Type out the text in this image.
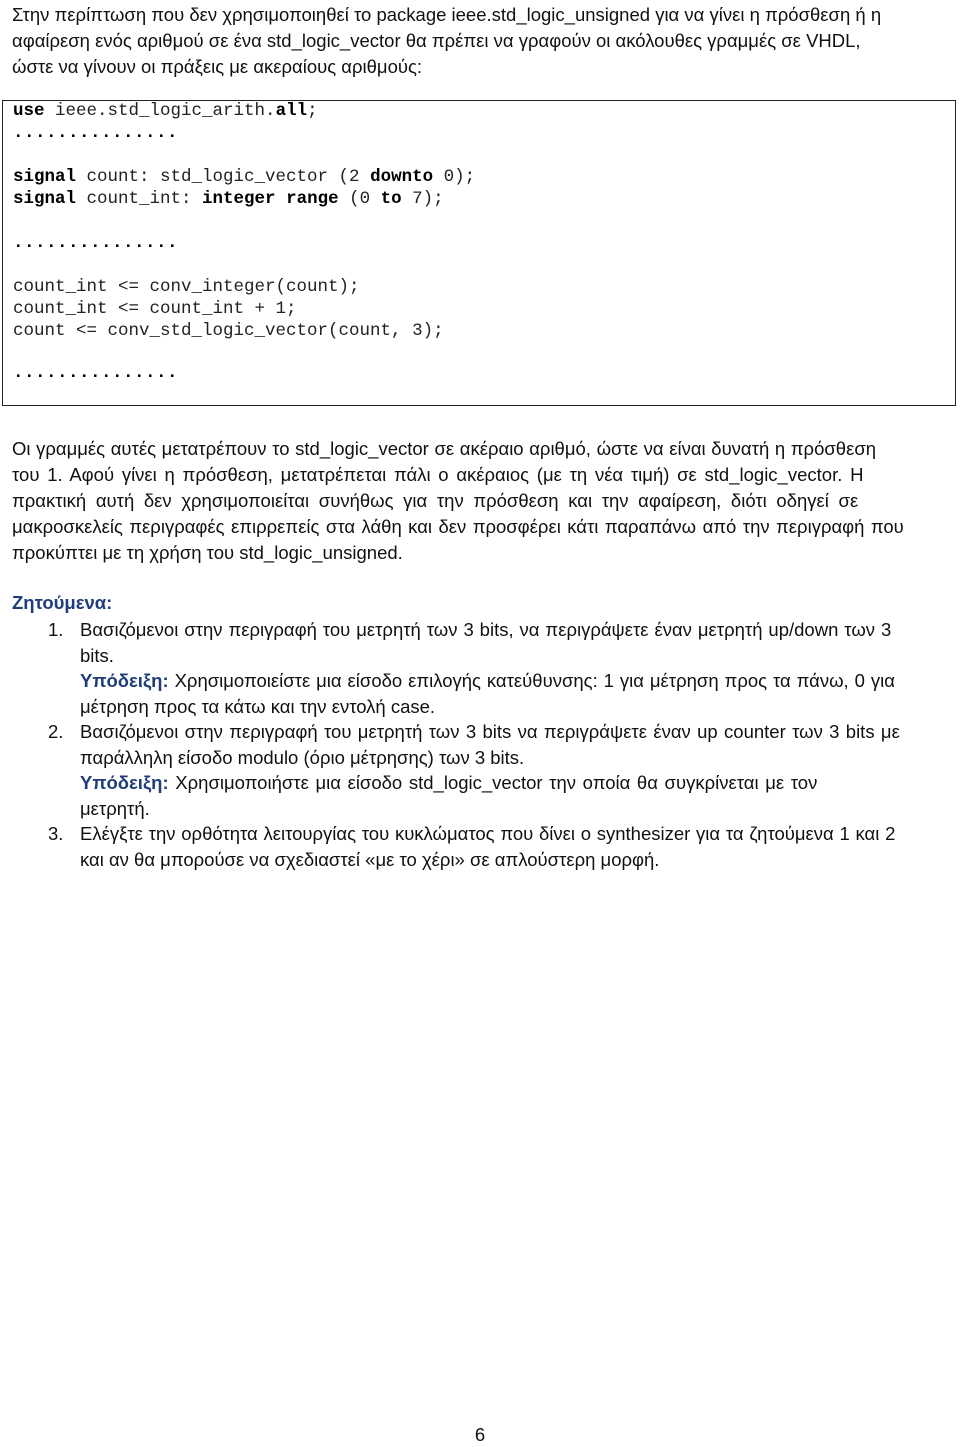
Στην περίπτωση που δεν χρησιμοποιηθεί το package ieee.std_logic_unsigned για να γίνει η πρόσθεση ή η
αφαίρεση ενός αριθμού σε ένα std_logic_vector θα πρέπει να γραφούν οι ακόλουθες γραμμές σε VHDL,
ώστε να γίνουν οι πράξεις με ακεραίους αριθμούς:

use ieee.std_logic_arith.all;
...............
signal count: std_logic_vector (2 downto 0);
signal count_int: integer range (0 to 7);
...............
count_int <= conv_integer(count);
count_int <= count_int + 1;
count <= conv_std_logic_vector(count, 3);
...............

Οι γραμμές αυτές μετατρέπουν το std_logic_vector σε ακέραιο αριθμό, ώστε να είναι δυνατή η πρόσθεση
του 1. Αφού γίνει η πρόσθεση, μετατρέπεται πάλι ο ακέραιος (με τη νέα τιμή) σε std_logic_vector. Η
πρακτική αυτή δεν χρησιμοποιείται συνήθως για την πρόσθεση και την αφαίρεση, διότι οδηγεί σε
μακροσκελείς περιγραφές επιρρεπείς στα λάθη και δεν προσφέρει κάτι παραπάνω από την περιγραφή που
προκύπτει με τη χρήση του std_logic_unsigned.

Ζητούμενα:
1. Βασιζόμενοι στην περιγραφή του μετρητή των 3 bits, να περιγράψετε έναν μετρητή up/down των 3
bits.
Υπόδειξη: Χρησιμοποιείστε μια είσοδο επιλογής κατεύθυνσης: 1 για μέτρηση προς τα πάνω, 0 για
μέτρηση προς τα κάτω και την εντολή case.
2. Βασιζόμενοι στην περιγραφή του μετρητή των 3 bits να περιγράψετε έναν up counter των 3 bits με
παράλληλη είσοδο modulo (όριο μέτρησης) των 3 bits.
Υπόδειξη: Χρησιμοποιήστε μια είσοδο std_logic_vector την οποία θα συγκρίνεται με τον
μετρητή.
3. Ελέγξτε την ορθότητα λειτουργίας του κυκλώματος που δίνει ο synthesizer για τα ζητούμενα 1 και 2
και αν θα μπορούσε να σχεδιαστεί «με το χέρι» σε απλούστερη μορφή.
6
